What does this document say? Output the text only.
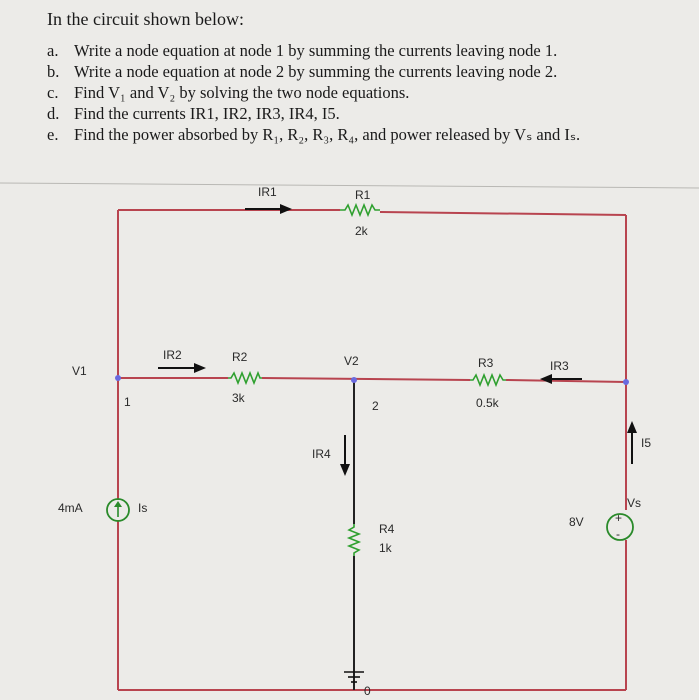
In the circuit shown below:
a. Write a node equation at node 1 by summing the currents leaving node 1.
b. Write a node equation at node 2 by summing the currents leaving node 2.
c. Find V₁ and V₂ by solving the two node equations.
d. Find the currents IR1, IR2, IR3, IR4, I5.
e. Find the power absorbed by R₁, R₂, R₃, R₄, and power released by Vₛ and Iₛ.
R1
2k
IR1
R2
3k
IR2
R3
0.5k
IR3
R4
1k
IR4
V1
1
V2
2
4mA	Is
+
-
Vs
8V
I5
0
